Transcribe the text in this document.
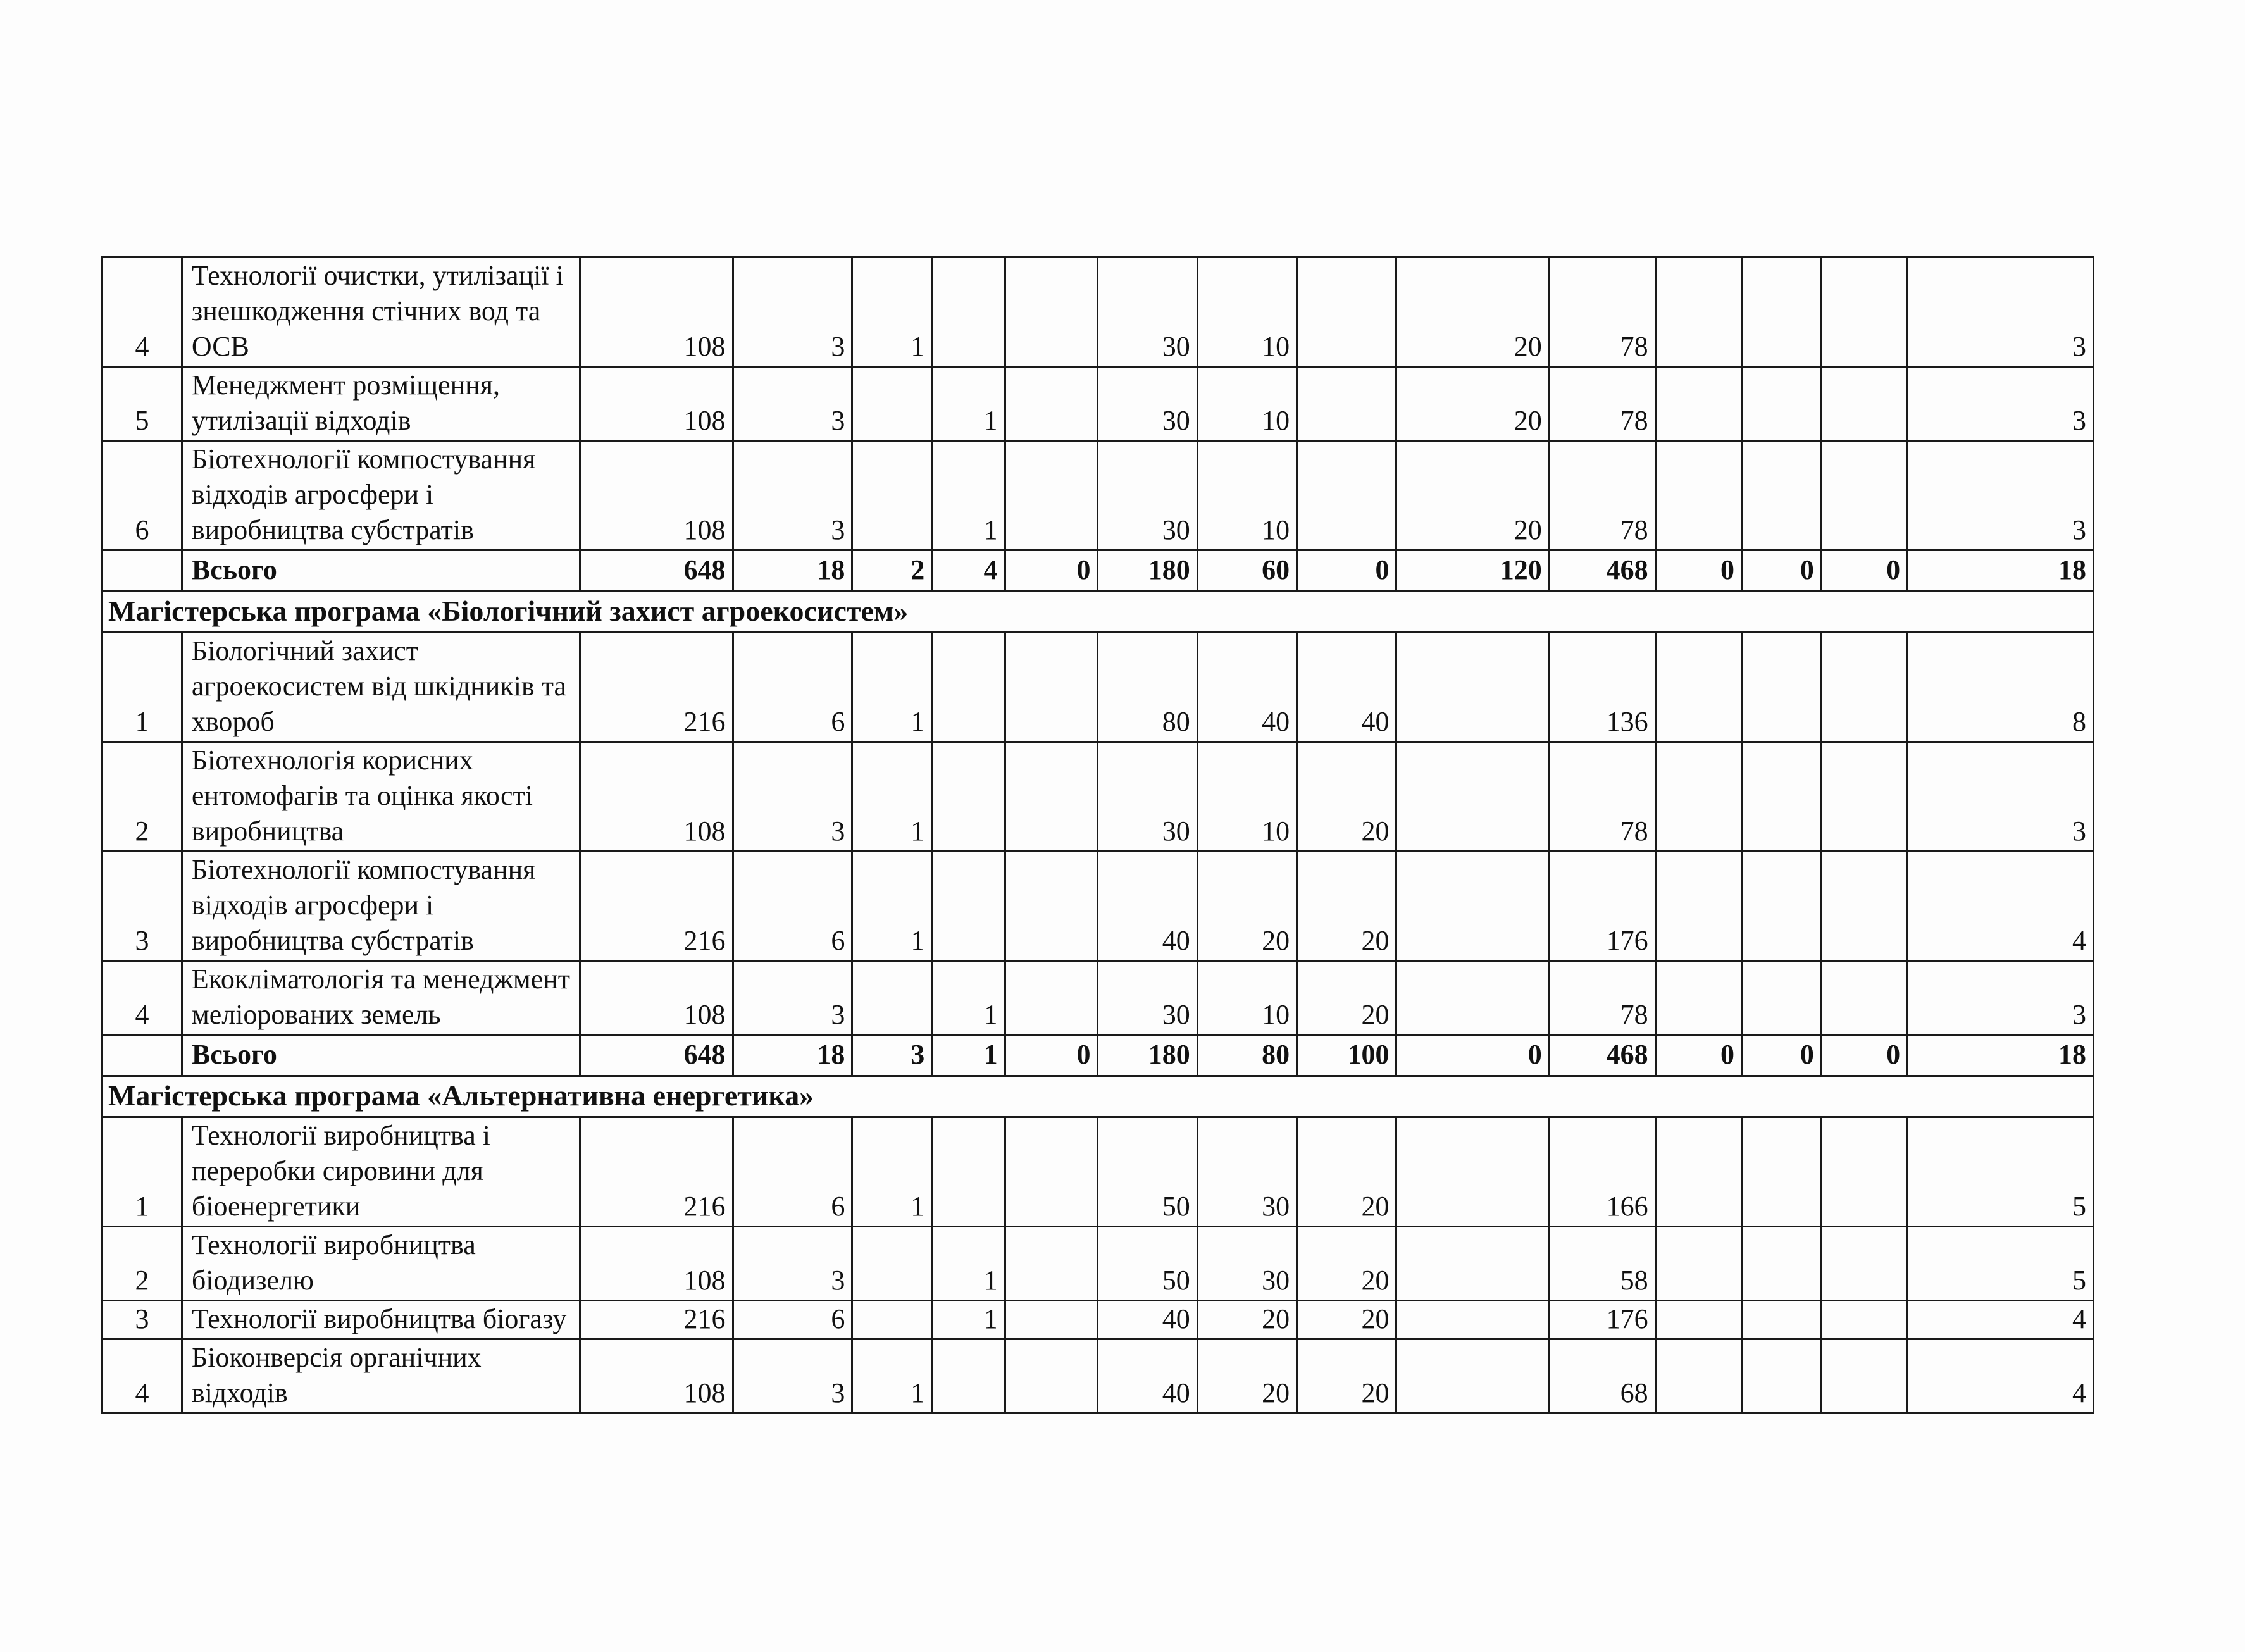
4	Технології очистки, утилізації і знешкодження стічних вод та ОСВ	108	3	1			30	10		20	78				3
5	Менеджмент розміщення, утилізації відходів	108	3		1		30	10		20	78				3
6	Біотехнології компостування відходів агросфери і виробництва субстратів	108	3		1		30	10		20	78				3
	Всього	648	18	2	4	0	180	60	0	120	468	0	0	0	18
Магістерська програма «Біологічний захист агроекосистем»															
1	Біологічний захист агроекосистем від шкідників та хвороб	216	6	1			80	40	40		136				8
2	Біотехнологія корисних ентомофагів та оцінка якості виробництва	108	3	1			30	10	20		78				3
3	Біотехнології компостування відходів агросфери і виробництва субстратів	216	6	1			40	20	20		176				4
4	Екокліматологія та менеджмент меліорованих земель	108	3		1		30	10	20		78				3
	Всього	648	18	3	1	0	180	80	100	0	468	0	0	0	18
Магістерська програма «Альтернативна енергетика»															
1	Технології виробництва і переробки сировини для біоенергетики	216	6	1			50	30	20		166				5
2	Технології виробництва біодизелю	108	3		1		50	30	20		58				5
3	Технології виробництва біогазу	216	6		1		40	20	20		176				4
4	Біоконверсія органічних відходів	108	3	1			40	20	20		68				4
